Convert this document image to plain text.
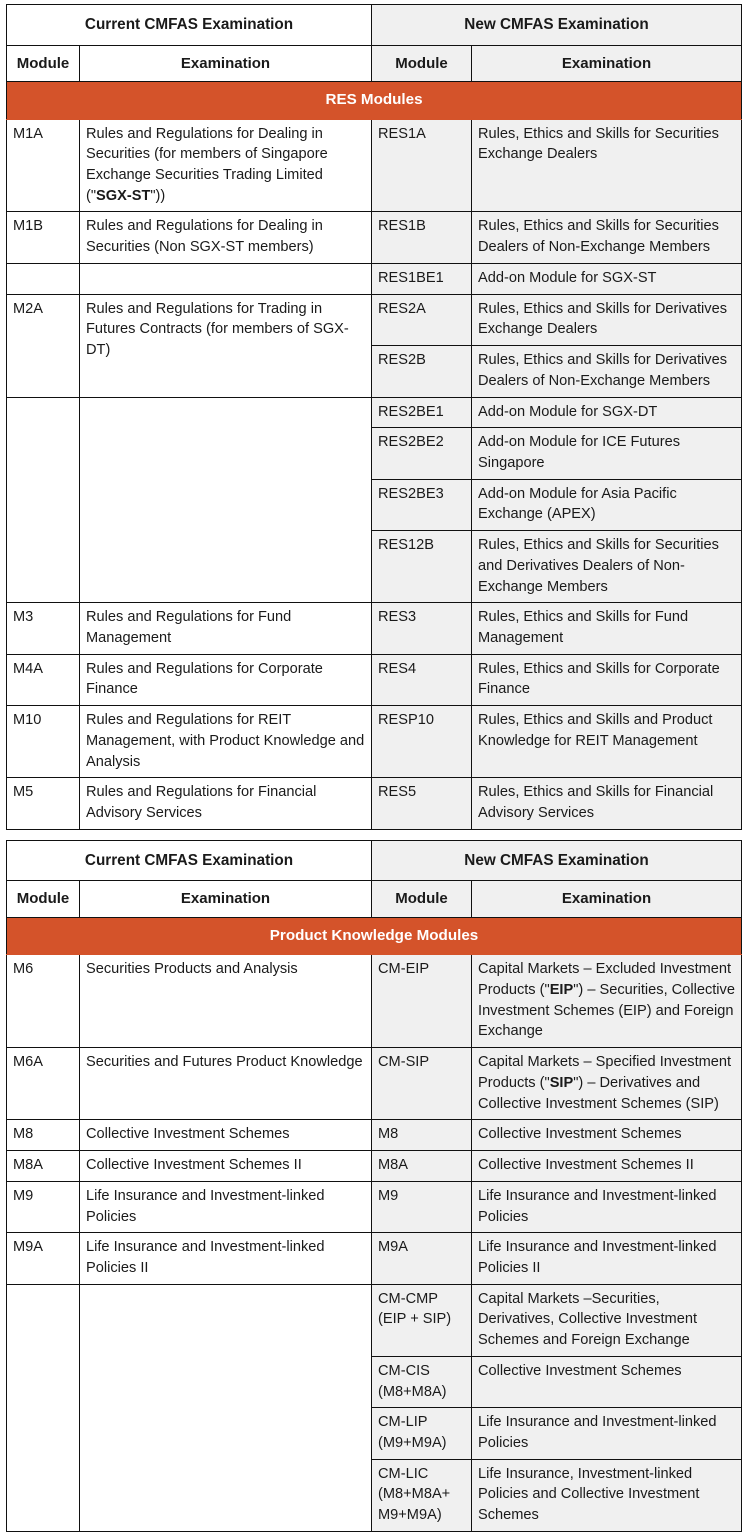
Current CMFAS Examination		New CMFAS Examination	
Module	Examination	Module	Examination
RES Modules			
M1A	Rules and Regulations for Dealing in Securities (for members of Singapore Exchange Securities Trading Limited ("SGX-ST"))	RES1A	Rules, Ethics and Skills for Securities Exchange Dealers
M1B	Rules and Regulations for Dealing in Securities (Non SGX-ST members)	RES1B	Rules, Ethics and Skills for Securities Dealers of Non-Exchange Members
		RES1BE1	Add-on Module for SGX-ST
M2A	Rules and Regulations for Trading in Futures Contracts (for members of SGX-DT)	RES2A	Rules, Ethics and Skills for Derivatives Exchange Dealers
		RES2B	Rules, Ethics and Skills for Derivatives Dealers of Non-Exchange Members
		RES2BE1	Add-on Module for SGX-DT
		RES2BE2	Add-on Module for ICE Futures Singapore
		RES2BE3	Add-on Module for Asia Pacific Exchange (APEX)
		RES12B	Rules, Ethics and Skills for Securities and Derivatives Dealers of Non-Exchange Members
M3	Rules and Regulations for Fund Management	RES3	Rules, Ethics and Skills for Fund Management
M4A	Rules and Regulations for Corporate Finance	RES4	Rules, Ethics and Skills for Corporate Finance
M10	Rules and Regulations for REIT Management, with Product Knowledge and Analysis	RESP10	Rules, Ethics and Skills and Product Knowledge for REIT Management
M5	Rules and Regulations for Financial Advisory Services	RES5	Rules, Ethics and Skills for Financial Advisory Services
Current CMFAS Examination		New CMFAS Examination	
Module	Examination	Module	Examination
Product Knowledge Modules			
M6	Securities Products and Analysis	CM-EIP	Capital Markets – Excluded Investment Products ("EIP") – Securities, Collective Investment Schemes (EIP) and Foreign Exchange
M6A	Securities and Futures Product Knowledge	CM-SIP	Capital Markets – Specified Investment Products ("SIP") – Derivatives and Collective Investment Schemes (SIP)
M8	Collective Investment Schemes	M8	Collective Investment Schemes
M8A	Collective Investment Schemes II	M8A	Collective Investment Schemes II
M9	Life Insurance and Investment-linked Policies	M9	Life Insurance and Investment-linked Policies
M9A	Life Insurance and Investment-linked Policies II	M9A	Life Insurance and Investment-linked Policies II
		CM-CMP (EIP + SIP)	Capital Markets –Securities, Derivatives, Collective Investment Schemes and Foreign Exchange
		CM-CIS (M8+M8A)	Collective Investment Schemes
		CM-LIP (M9+M9A)	Life Insurance and Investment-linked Policies
		CM-LIC (M8+M8A+ M9+M9A)	Life Insurance, Investment-linked Policies and Collective Investment Schemes
